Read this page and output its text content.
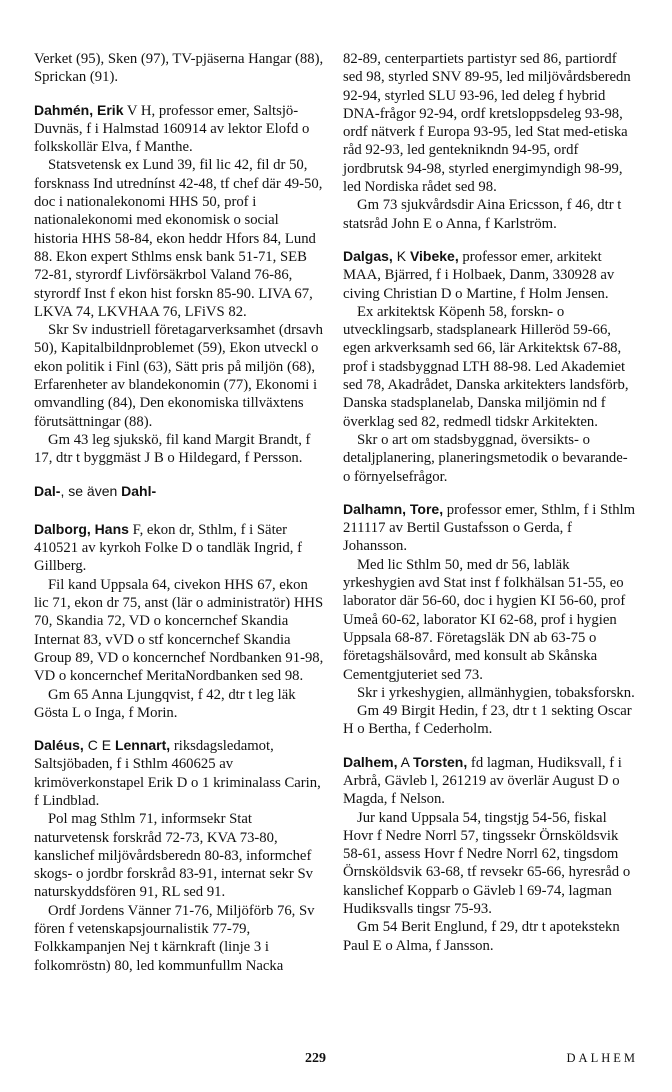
Verket (95), Sken (97), TV-pjäserna Hangar (88), Sprickan (91).

Dahmén, Erik V H, professor emer, Saltsjö-Duvnäs, f i Halmstad 160914 av lektor Elofd o folkskollär Elva, f Manthe.

Statsvetensk ex Lund 39, fil lic 42, fil dr 50, forsknass Ind utrednínst 42-48, tf chef där 49-50, doc i nationalekonomi HHS 50, prof i nationalekonomi med ekonomisk o social historia HHS 58-84, ekon heddr Hfors 84, Lund 88. Ekon expert Sthlms ensk bank 51-71, SEB 72-81, styrordf Livförsäkrbol Valand 76-86, styrordf Inst f ekon hist forskn 85-90. LIVA 67, LKVA 74, LKVHAA 76, LFiVS 82.

Skr Sv industriell företagarverksamhet (drsavh 50), Kapitalbildnproblemet (59), Ekon utveckl o ekon politik i Finl (63), Sätt pris på miljön (68), Erfarenheter av blandekonomin (77), Ekonomi i omvandling (84), Den ekonomiska tillväxtens förutsättningar (88).

Gm 43 leg sjukskö, fil kand Margit Brandt, f 17, dtr t byggmäst J B o Hildegard, f Persson.

Dal-, se även Dahl-

Dalborg, Hans F, ekon dr, Sthlm, f i Säter 410521 av kyrkoh Folke D o tandläk Ingrid, f Gillberg.

Fil kand Uppsala 64, civekon HHS 67, ekon lic 71, ekon dr 75, anst (lär o administratör) HHS 70, Skandia 72, VD o koncernchef Skandia Internat 83, vVD o stf koncernchef Skandia Group 89, VD o koncernchef Nordbanken 91-98, VD o koncernchef MeritaNordbanken sed 98.

Gm 65 Anna Ljungqvist, f 42, dtr t leg läk Gösta L o Inga, f Morin.

Daléus, C E Lennart, riksdagsledamot, Saltsjöbaden, f i Sthlm 460625 av krimöverkonstapel Erik D o 1 kriminalass Carin, f Lindblad.

Pol mag Sthlm 71, informsekr Stat naturvetensk forskråd 72-73, KVA 73-80, kanslichef miljövårdsberedn 80-83, informchef skogs- o jordbr forskråd 83-91, internat sekr Sv naturskyddsfören 91, RL sed 91.

Ordf Jordens Vänner 71-76, Miljöförb 76, Sv fören f vetenskapsjournalistik 77-79, Folkkampanjen Nej t kärnkraft (linje 3 i folkomröstn) 80, led kommunfullm Nacka

82-89, centerpartiets partistyr sed 86, partiordf sed 98, styrled SNV 89-95, led miljövårdsberedn 92-94, styrled SLU 93-96, led deleg f hybrid DNA-frågor 92-94, ordf kretsloppsdeleg 93-98, ordf nätverk f Europa 93-95, led Stat med-etiska råd 92-93, led genteknikndn 94-95, ordf jordbrutsk 94-98, styrled energimyndigh 98-99, led Nordiska rådet sed 98.

Gm 73 sjukvårdsdir Aina Ericsson, f 46, dtr t statsråd John E o Anna, f Karlström.

Dalgas, K Vibeke, professor emer, arkitekt MAA, Bjärred, f i Holbaek, Danm, 330928 av civing Christian D o Martine, f Holm Jensen.

Ex arkitektsk Köpenh 58, forskn- o utvecklingsarb, stadsplaneark Hilleröd 59-66, egen arkverksamh sed 66, lär Arkitektsk 67-88, prof i stadsbyggnad LTH 88-98. Led Akademiet sed 78, Akadrådet, Danska arkitekters landsförb, Danska stadsplanelab, Danska miljömin nd f överklag sed 82, redmedl tidskr Arkitekten.

Skr o art om stadsbyggnad, översikts- o detaljplanering, planeringsmetodik o bevarande- o förnyelsefrågor.

Dalhamn, Tore, professor emer, Sthlm, f i Sthlm 211117 av Bertil Gustafsson o Gerda, f Johansson.

Med lic Sthlm 50, med dr 56, labläk yrkeshygien avd Stat inst f folkhälsan 51-55, eo laborator där 56-60, doc i hygien KI 56-60, prof Umeå 60-62, laborator KI 62-68, prof i hygien Uppsala 68-87. Företagsläk DN ab 63-75 o företagshälsovård, med konsult ab Skånska Cementgjuteriet sed 73.

Skr i yrkeshygien, allmänhygien, tobaksforskn.

Gm 49 Birgit Hedin, f 23, dtr t 1 sekting Oscar H o Bertha, f Cederholm.

Dalhem, A Torsten, fd lagman, Hudiksvall, f i Arbrå, Gävleb l, 261219 av överlär August D o Magda, f Nelson.

Jur kand Uppsala 54, tingstjg 54-56, fiskal Hovr f Nedre Norrl 57, tingssekr Örnsköldsvik 58-61, assess Hovr f Nedre Norrl 62, tingsdom Örnsköldsvik 63-68, tf revsekr 65-66, hyresråd o kanslichef Kopparb o Gävleb l 69-74, lagman Hudiksvalls tingsr 75-93.

Gm 54 Berit Englund, f 29, dtr t apotekstekn Paul E o Alma, f Jansson.

229	DALHEM
